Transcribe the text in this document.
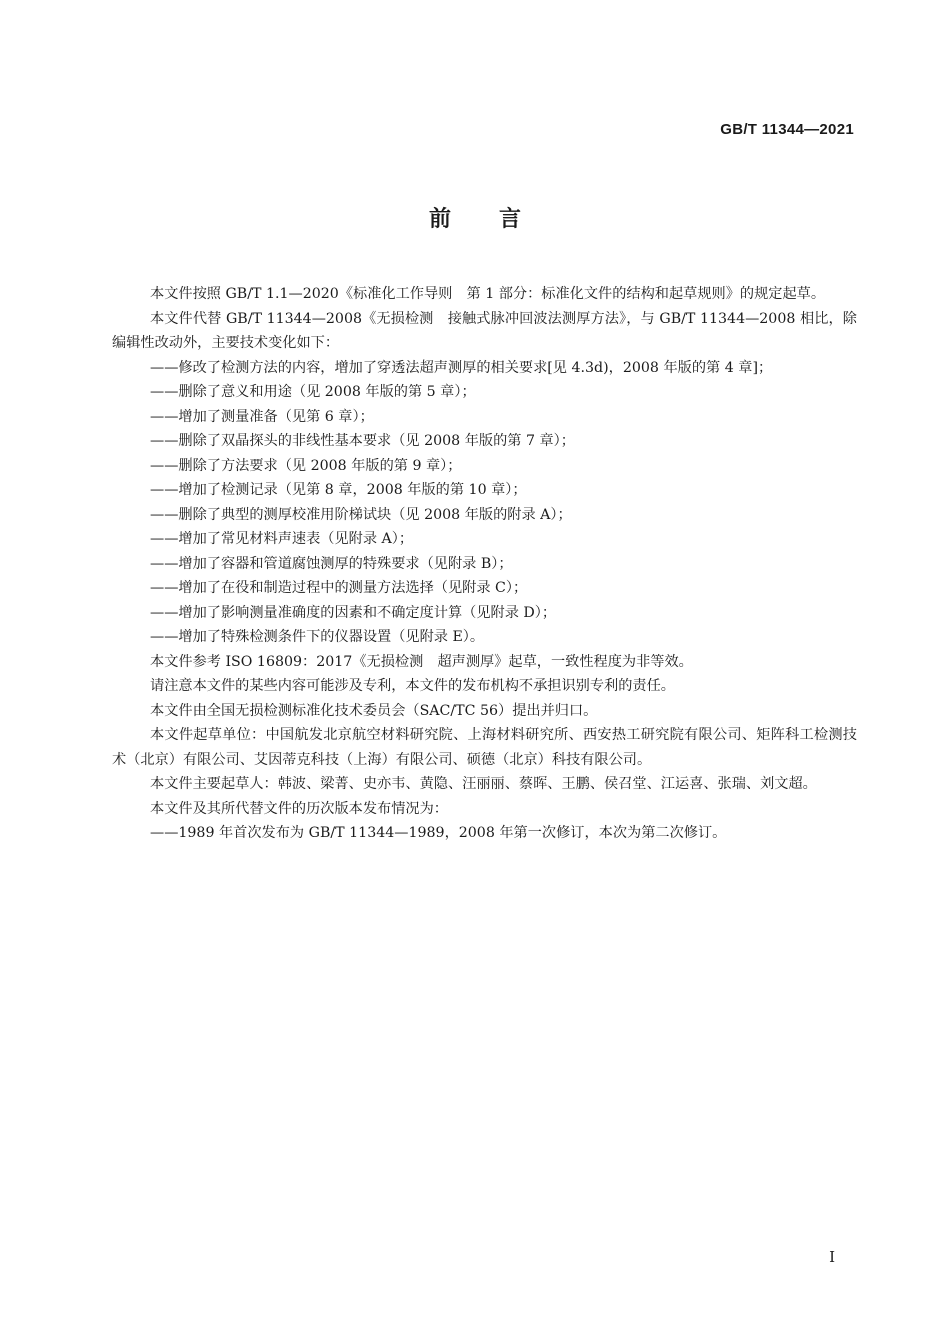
GB/T 11344—2021
前言

本文件按照 GB/T 1.1—2020《标准化工作导则　第 1 部分：标准化文件的结构和起草规则》的规定起草。

本文件代替 GB/T 11344—2008《无损检测　接触式脉冲回波法测厚方法》，与 GB/T 11344—2008 相比，除编辑性改动外，主要技术变化如下：

——修改了检测方法的内容，增加了穿透法超声测厚的相关要求[见 4.3d)，2008 年版的第 4 章]；

——删除了意义和用途（见 2008 年版的第 5 章）；

——增加了测量准备（见第 6 章）；

——删除了双晶探头的非线性基本要求（见 2008 年版的第 7 章）；

——删除了方法要求（见 2008 年版的第 9 章）；

——增加了检测记录（见第 8 章，2008 年版的第 10 章）；

——删除了典型的测厚校准用阶梯试块（见 2008 年版的附录 A）；

——增加了常见材料声速表（见附录 A）；

——增加了容器和管道腐蚀测厚的特殊要求（见附录 B）；

——增加了在役和制造过程中的测量方法选择（见附录 C）；

——增加了影响测量准确度的因素和不确定度计算（见附录 D）；

——增加了特殊检测条件下的仪器设置（见附录 E）。

本文件参考 ISO 16809：2017《无损检测　超声测厚》起草，一致性程度为非等效。

请注意本文件的某些内容可能涉及专利，本文件的发布机构不承担识别专利的责任。

本文件由全国无损检测标准化技术委员会（SAC/TC 56）提出并归口。

本文件起草单位：中国航发北京航空材料研究院、上海材料研究所、西安热工研究院有限公司、矩阵科工检测技术（北京）有限公司、艾因蒂克科技（上海）有限公司、硕德（北京）科技有限公司。

本文件主要起草人：韩波、梁菁、史亦韦、黄隐、汪丽丽、蔡晖、王鹏、侯召堂、江运喜、张瑞、刘文超。

本文件及其所代替文件的历次版本发布情况为：

——1989 年首次发布为 GB/T 11344—1989，2008 年第一次修订，本次为第二次修订。

I
